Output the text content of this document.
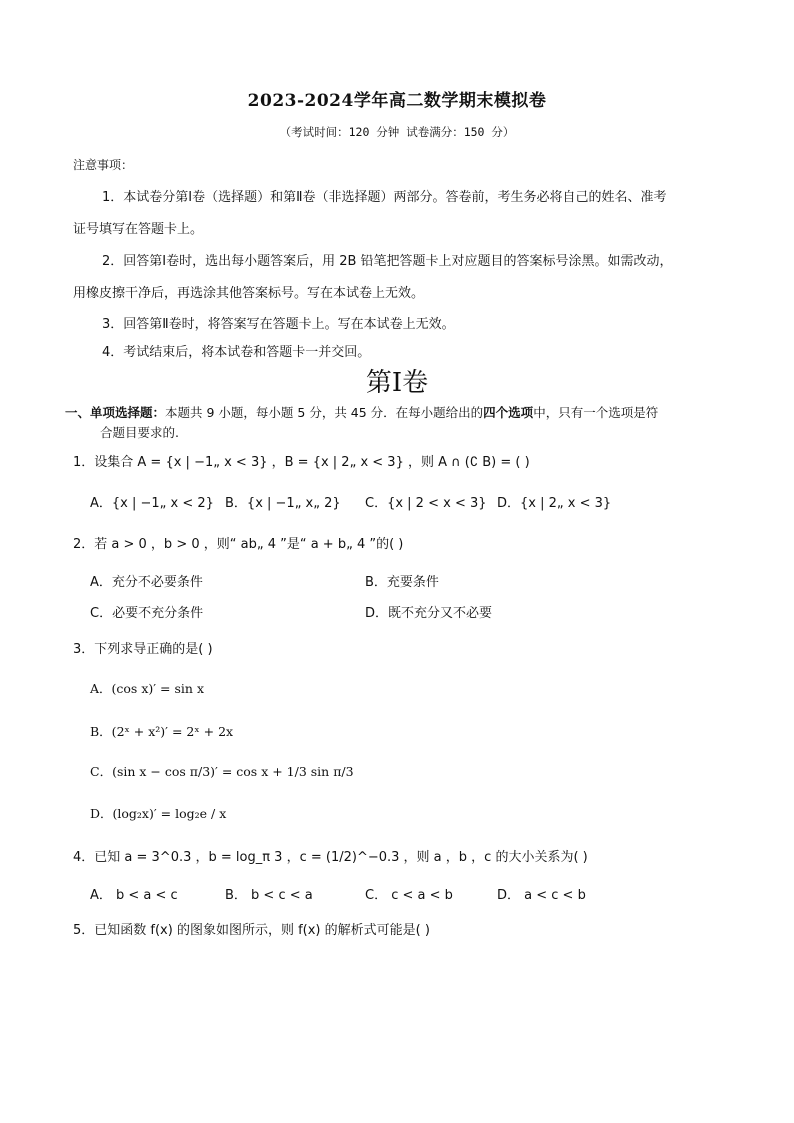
2023-2024学年高二数学期末模拟卷
（考试时间：120 分钟 试卷满分：150 分）
注意事项：
1．本试卷分第Ⅰ卷（选择题）和第Ⅱ卷（非选择题）两部分。答卷前，考生务必将自己的姓名、准考
证号填写在答题卡上。
2．回答第Ⅰ卷时，选出每小题答案后，用 2B 铅笔把答题卡上对应题目的答案标号涂黑。如需改动，
用橡皮擦干净后，再选涂其他答案标号。写在本试卷上无效。
3．回答第Ⅱ卷时，将答案写在答题卡上。写在本试卷上无效。
4．考试结束后，将本试卷和答题卡一并交回。
第Ⅰ卷
一、单项选择题：本题共 9 小题，每小题 5 分，共 45 分．在每小题给出的四个选项中，只有一个选项是符
合题目要求的.
1．设集合 A = {x | −1„ x < 3} ，B = {x | 2„ x < 3} ，则 A ∩ (∁ B) = ( )
A．{x | −1„ x < 2} B．{x | −1„ x„ 2} C．{x | 2 < x < 3} D．{x | 2„ x < 3}
2．若 a > 0 ，b > 0 ，则“ ab„ 4 ”是“ a + b„ 4 ”的( )
A．充分不必要条件	B．充要条件
C．必要不充分条件	D．既不充分又不必要
3．下列求导正确的是( )
A．(cos x)′ = sin x
B．(2ˣ + x²)′ = 2ˣ + 2x
C．(sin x − cos π/3)′ = cos x + 1/3 sin π/3
D．(log₂x)′ = log₂e / x
4．已知 a = 3^0.3 ，b = log_π 3 ，c = (1/2)^−0.3 ，则 a ，b ，c 的大小关系为( )
A． b < a < c	B． b < c < a	C． c < a < b	D． a < c < b
5．已知函数 f(x) 的图象如图所示，则 f(x) 的解析式可能是( )
